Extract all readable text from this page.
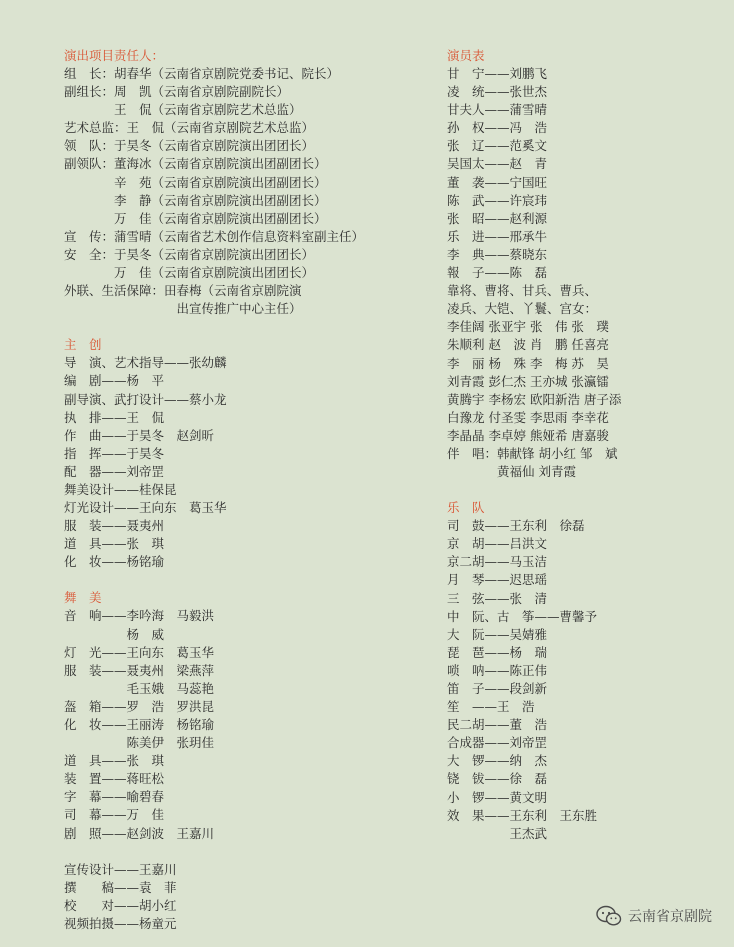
演出项目责任人：
组　长：胡春华（云南省京剧院党委书记、院长）
副组长：周　凯（云南省京剧院副院长）
　　　　王　侃（云南省京剧院艺术总监）
艺术总监：王　侃（云南省京剧院艺术总监）
领　队：于昊冬（云南省京剧院演出团团长）
副领队：董海冰（云南省京剧院演出团副团长）
　　　　辛　苑（云南省京剧院演出团副团长）
　　　　李　静（云南省京剧院演出团副团长）
　　　　万　佳（云南省京剧院演出团副团长）
宣　传：蒲雪晴（云南省艺术创作信息资料室副主任）
安　全：于昊冬（云南省京剧院演出团团长）
　　　　万　佳（云南省京剧院演出团团长）
外联、生活保障：田春梅（云南省京剧院演
　　　　　　　　　出宣传推广中心主任）
主　创
导　演、艺术指导——张幼麟
编　剧——杨　平
副导演、武打设计——蔡小龙
执　排——王　侃
作　曲——于昊冬　赵剑昕
指　挥——于昊冬
配　器——刘帝罡
舞美设计——桂保昆
灯光设计——王向东　葛玉华
服　装——聂夷州
道　具——张　琪
化　妆——杨铭瑜
舞　美
音　响——李吟海　马毅洪
　　　　　杨　威
灯　光——王向东　葛玉华
服　装——聂夷州　梁燕萍
　　　　　毛玉娥　马蕊艳
盔　箱——罗　浩　罗洪昆
化　妆——王丽涛　杨铭瑜
　　　　　陈美伊　张玥佳
道　具——张　琪
装　置——蒋旺松
字　幕——喻碧春
司　幕——万　佳
剧　照——赵剑波　王嘉川
宣传设计——王嘉川
撰　　稿——袁　菲
校　　对——胡小红
视频拍摄——杨童元
演员表
甘　宁——刘鹏飞
凌　统——张世杰
甘夫人——蒲雪晴
孙　权——冯　浩
张　辽——范奚文
吴国太——赵　青
董　袭——宁国旺
陈　武——许宸玮
张　昭——赵利源
乐　进——邢承牛
李　典——蔡晓东
報　子——陈　磊
靠将、曹将、甘兵、曹兵、
凌兵、大铠、丫鬟、宫女：
李佳阔 张亚宇 张　伟 张　璞
朱顺利 赵　波 肖　鹏 任喜亮
李　丽 杨　殊 李　梅 苏　昊
刘青霞 彭仁杰 王亦城 张瀛镭
黄腾宇 李杨宏 欧阳新浩 唐子添
白豫龙 付圣雯 李思雨 李幸花
李晶晶 李卓婷 熊娅希 唐嘉骏
伴　唱：韩献锋 胡小红 邹　斌
　　　　黄福仙 刘青霞
乐　队
司　鼓——王东利　徐磊
京　胡——吕洪文
京二胡——马玉洁
月　琴——迟思瑶
三　弦——张　清
中　阮、古　筝——曹馨予
大　阮——吴婧雅
琵　琶——杨　瑞
唢　呐——陈正伟
笛　子——段剑新
笙　——王　浩
民二胡——董　浩
合成器——刘帝罡
大　锣——纳　杰
铙　钹——徐　磊
小　锣——黄文明
效　果——王东利　王东胜
　　　　　王杰武
云南省京剧院
